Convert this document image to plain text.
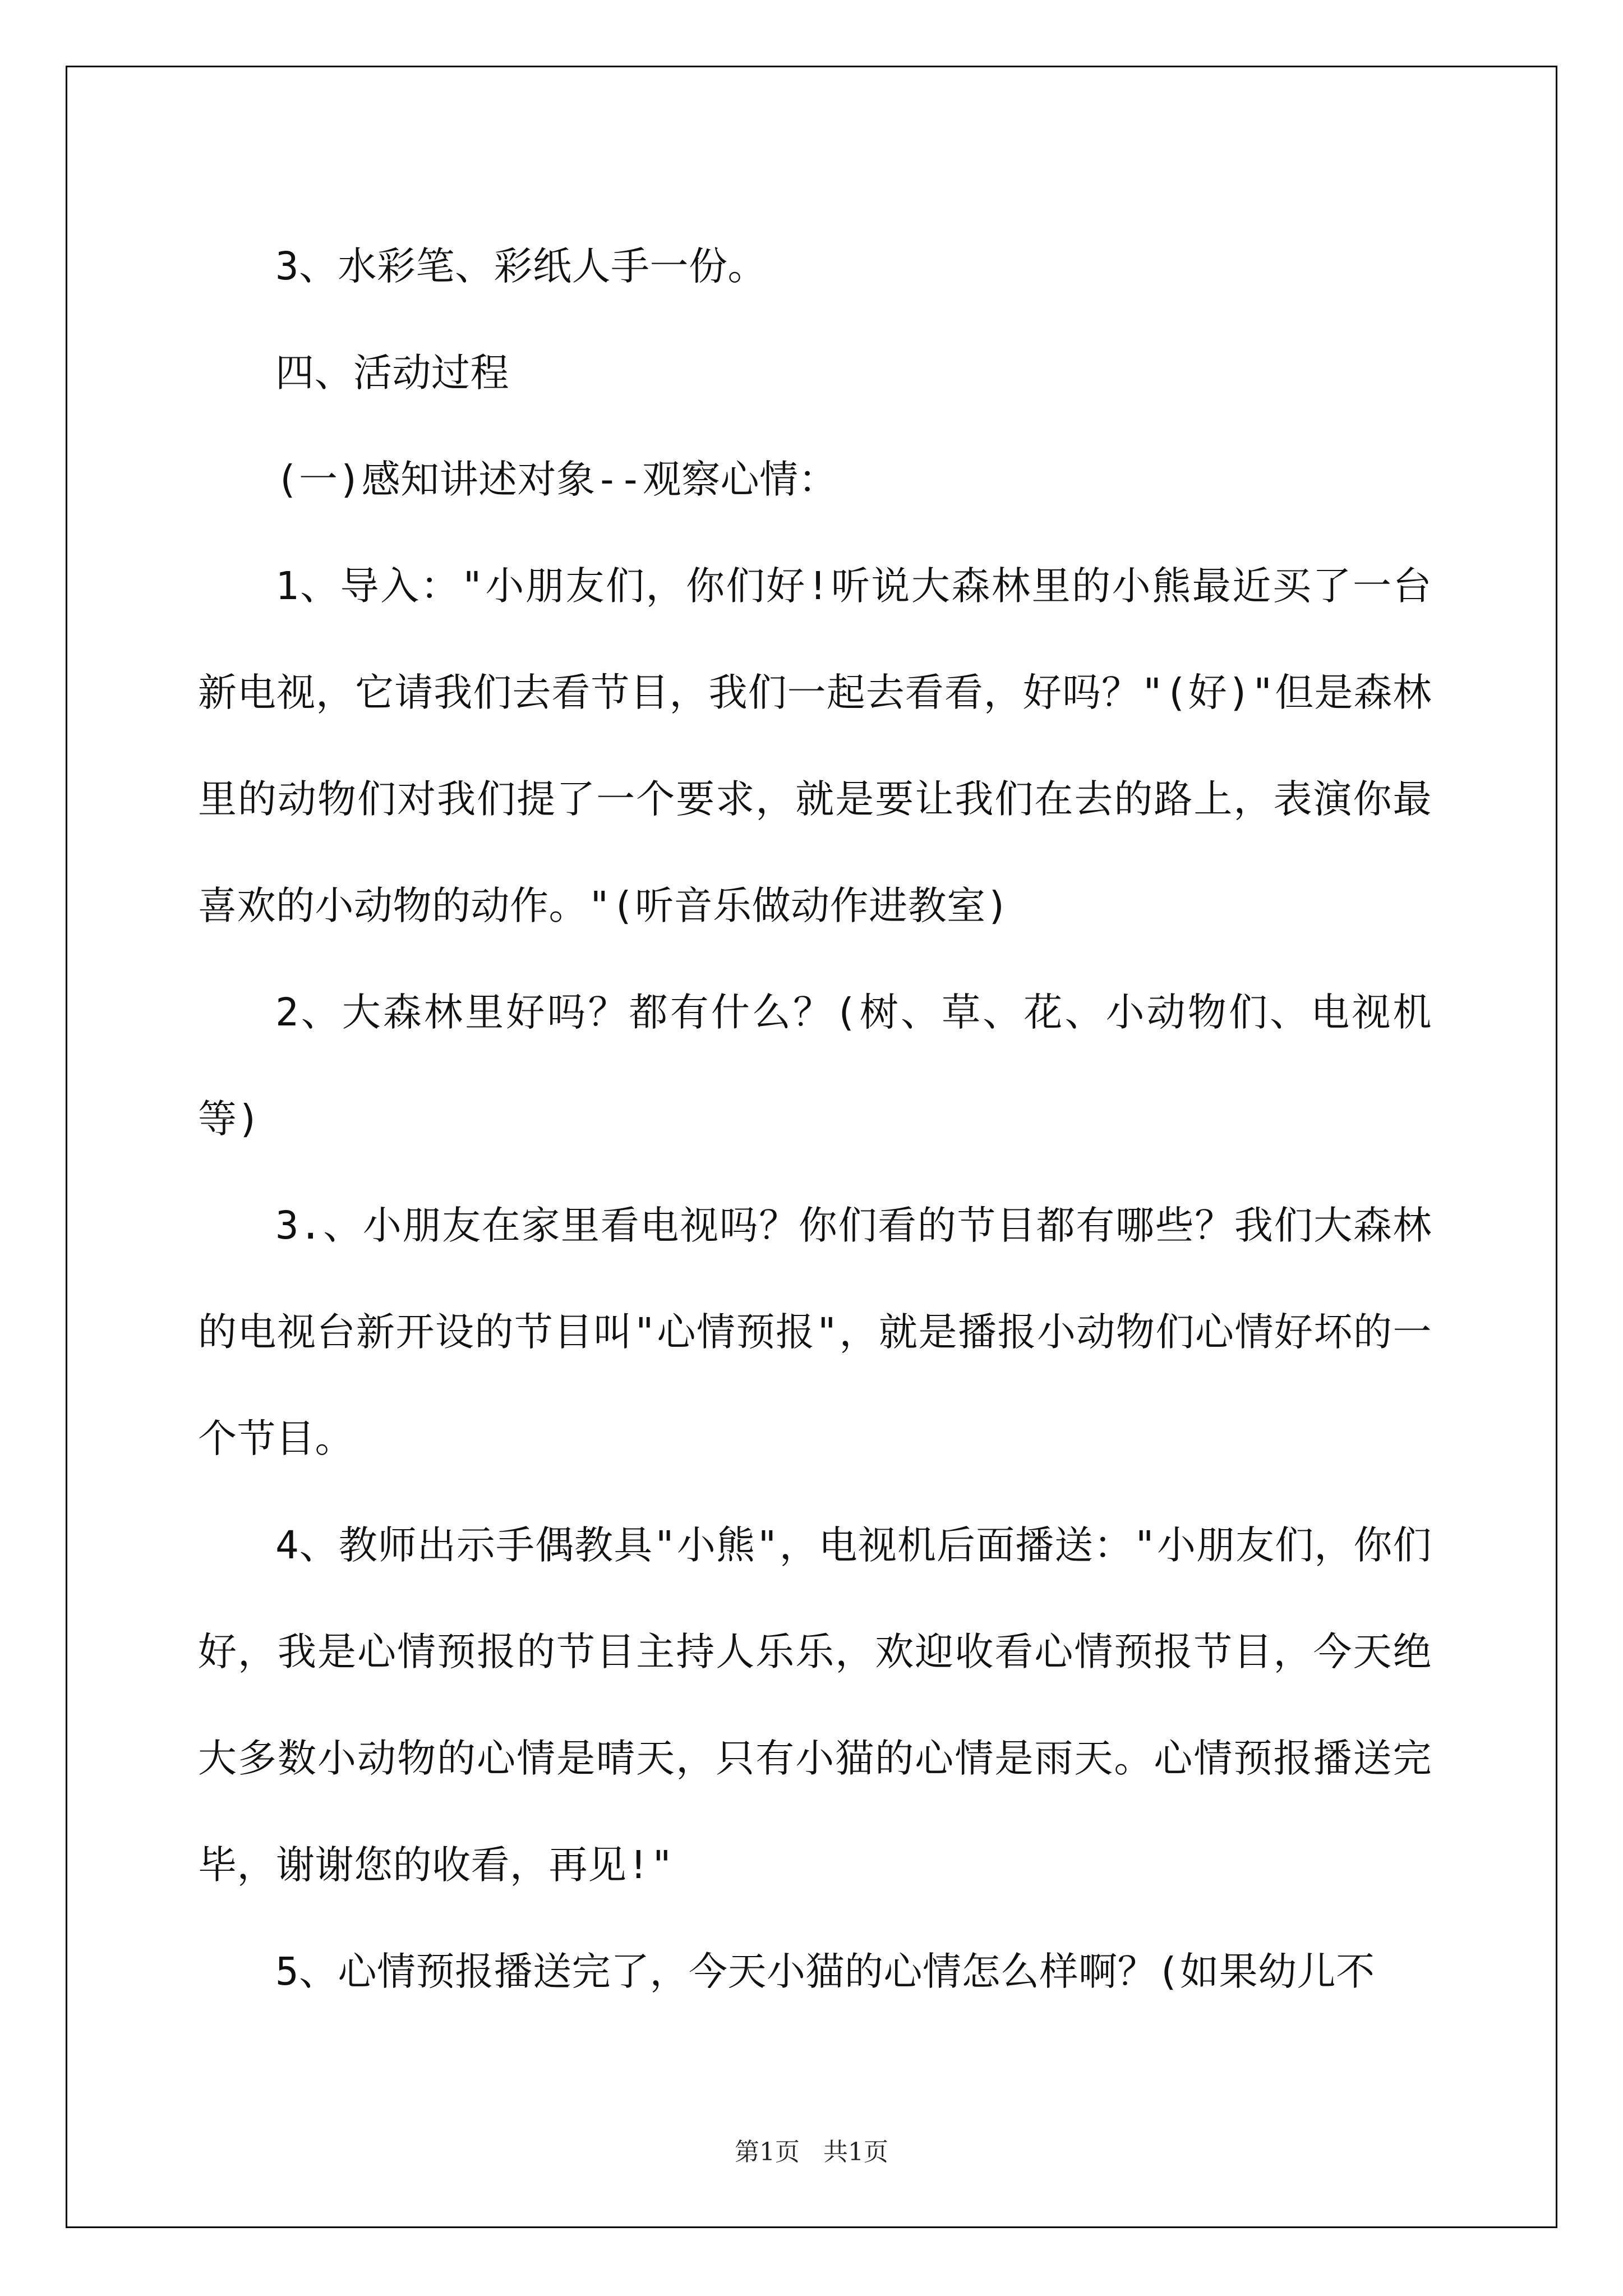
3、水彩笔、彩纸人手一份。

四、活动过程

(一)感知讲述对象--观察心情：

1、导入："小朋友们，你们好!听说大森林里的小熊最近买了一台新电视，它请我们去看节目，我们一起去看看，好吗？"(好)"但是森林里的动物们对我们提了一个要求，就是要让我们在去的路上，表演你最喜欢的小动物的动作。"(听音乐做动作进教室)

2、大森林里好吗？都有什么？(树、草、花、小动物们、电视机等)

3.、小朋友在家里看电视吗？你们看的节目都有哪些？我们大森林的电视台新开设的节目叫"心情预报"，就是播报小动物们心情好坏的一个节目。

4、教师出示手偶教具"小熊"，电视机后面播送："小朋友们，你们好，我是心情预报的节目主持人乐乐，欢迎收看心情预报节目，今天绝大多数小动物的心情是晴天，只有小猫的心情是雨天。心情预报播送完毕，谢谢您的收看，再见!"

5、心情预报播送完了，今天小猫的心情怎么样啊？(如果幼儿不

第1页 共1页
